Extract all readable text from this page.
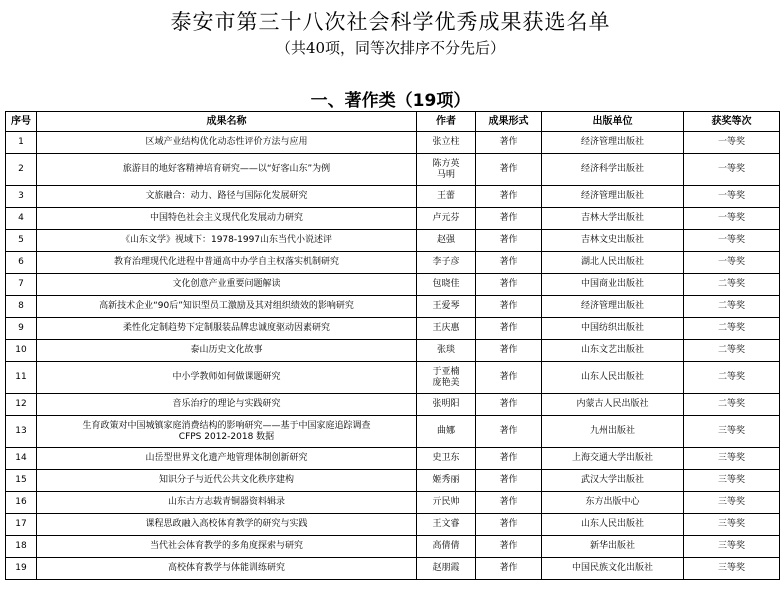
泰安市第三十八次社会科学优秀成果获选名单
（共40项，同等次排序不分先后）
一、著作类（19项）
序号	成果名称	作者	成果形式	出版单位	获奖等次
1	区域产业结构优化动态性评价方法与应用	张立柱	著作	经济管理出版社	一等奖
2	旅游目的地好客精神培育研究——以“好客山东”为例	陈方英
马明	著作	经济科学出版社	一等奖
3	文旅融合：动力、路径与国际化发展研究	王蕾	著作	经济管理出版社	一等奖
4	中国特色社会主义现代化发展动力研究	卢元芬	著作	吉林大学出版社	一等奖
5	《山东文学》视域下：1978-1997山东当代小说述评	赵强	著作	吉林文史出版社	一等奖
6	教育治理现代化进程中普通高中办学自主权落实机制研究	李子彦	著作	湖北人民出版社	一等奖
7	文化创意产业重要问题解读	包晓佳	著作	中国商业出版社	二等奖
8	高新技术企业“90后”知识型员工激励及其对组织绩效的影响研究	王爱琴	著作	经济管理出版社	二等奖
9	柔性化定制趋势下定制服装品牌忠诚度驱动因素研究	王庆惠	著作	中国纺织出版社	二等奖
10	泰山历史文化故事	张琰	著作	山东文艺出版社	二等奖
11	中小学教师如何做课题研究	于亚楠
庞艳美	著作	山东人民出版社	二等奖
12	音乐治疗的理论与实践研究	张明阳	著作	内蒙古人民出版社	二等奖
13	生育政策对中国城镇家庭消费结构的影响研究——基于中国家庭追踪调查
CFPS 2012-2018 数据	曲娜	著作	九州出版社	三等奖
14	山岳型世界文化遗产地管理体制创新研究	史卫东	著作	上海交通大学出版社	三等奖
15	知识分子与近代公共文化秩序建构	姬秀丽	著作	武汉大学出版社	三等奖
16	山东古方志载青铜器资料辑录	亓民帅	著作	东方出版中心	三等奖
17	课程思政融入高校体育教学的研究与实践	王文睿	著作	山东人民出版社	三等奖
18	当代社会体育教学的多角度探索与研究	高倩倩	著作	新华出版社	三等奖
19	高校体育教学与体能训练研究	赵朋霞	著作	中国民族文化出版社	三等奖
